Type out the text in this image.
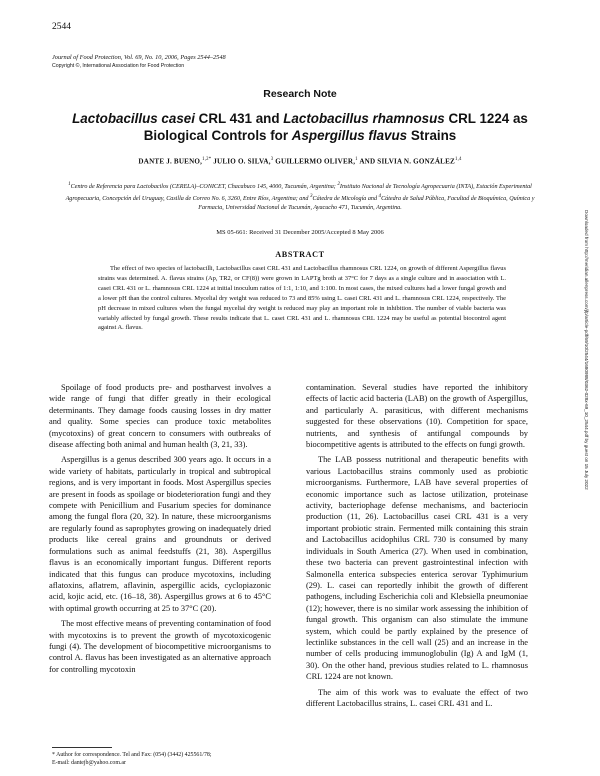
2544
Journal of Food Protection, Vol. 69, No. 10, 2006, Pages 2544–2548
Copyright ©, International Association for Food Protection
Research Note
Lactobacillus casei CRL 431 and Lactobacillus rhamnosus CRL 1224 as Biological Controls for Aspergillus flavus Strains
DANTE J. BUENO,$^{1,2*}$ JULIO O. SILVA,$^3$ GUILLERMO OLIVER,$^1$ AND SILVIA N. GONZÁLEZ$^{1,4}$
$^1$Centro de Referencia para Lactobacilos (CERELA)–CONICET, Chacabuco 145, 4000, Tucumán, Argentina; $^2$Instituto Nacional de Tecnología Agropecuaria (INTA), Estación Experimental Agropecuaria, Concepción del Uruguay, Casilla de Correo No. 6, 3260, Entre Ríos, Argentina; and $^3$Cátedra de Micología and $^4$Cátedra de Salud Pública, Facultad de Bioquímica, Química y Farmacia, Universidad Nacional de Tucumán, Ayacucho 471, Tucumán, Argentina.
MS 05-661: Received 31 December 2005/Accepted 8 May 2006
ABSTRACT
The effect of two species of lactobacilli, Lactobacillus casei CRL 431 and Lactobacillus rhamnosus CRL 1224, on growth of different Aspergillus flavus strains was determined. A. flavus strains (Ap, TR2, or CF(8)) were grown in LAPTg broth at 37°C for 7 days as a single culture and in association with L. casei CRL 431 or L. rhamnosus CRL 1224 at initial inoculum ratios of 1:1, 1:10, and 1:100. In most cases, the mixed cultures had a lower fungal growth and a lower pH than the control cultures. Mycelial dry weight was reduced to 73 and 85% using L. casei CRL 431 and L. rhamnosus CRL 1224, respectively. The pH decrease in mixed cultures when the fungal mycelial dry weight is reduced may play an important role in inhibition. The number of viable bacteria was variably affected by fungal growth. These results indicate that L. casei CRL 431 and L. rhamnosus CRL 1224 may be useful as potential biocontrol agent against A. flavus.

Spoilage of food products pre- and postharvest involves a wide range of fungi that differ greatly in their ecological determinants. They damage foods causing losses in dry matter and quality. Some species can produce toxic metabolites (mycotoxins) of great concern to consumers with outbreaks of disease affecting both animal and human health (3, 21, 33).

Aspergillus is a genus described 300 years ago. It occurs in a wide variety of habitats, particularly in tropical and subtropical regions, and is very important in foods. Most Aspergillus species are present in foods as spoilage or biodeterioration fungi and they compete with Penicillium and Fusarium species for dominance among the fungal flora (20, 32). In nature, these microorganisms are regularly found as saprophytes growing on inadequately dried products like cereal grains and groundnuts or derived formulations such as animal feedstuffs (21, 38). Aspergillus flavus is an economically important fungus. Different reports indicated that this fungus can produce mycotoxins, including aflatoxins, aflatrem, aflavinin, aspergillic acids, cyclopiazonic acid, kojic acid, etc. (16–18, 38). Aspergillus grows at 6 to 45°C with optimal growth occurring at 25 to 37°C (20).

The most effective means of preventing contamination of food with mycotoxins is to prevent the growth of mycotoxicogenic fungi (4). The development of biocompetitive microorganisms to control A. flavus has been investigated as an alternative approach for controlling mycotoxin

contamination. Several studies have reported the inhibitory effects of lactic acid bacteria (LAB) on the growth of Aspergillus, and particularly A. parasiticus, with different mechanisms suggested for these observations (10). Competition for space, nutrients, and synthesis of antifungal compounds by biocompetitive agents is attributed to the effects on fungi growth.

The LAB possess nutritional and therapeutic benefits with various Lactobacillus strains commonly used as probiotic microorganisms. Furthermore, LAB have several properties of economic importance such as lactose utilization, proteinase activity, bacteriophage defense mechanisms, and bacteriocin production (11, 26). Lactobacillus casei CRL 431 is a very important probiotic strain. Fermented milk containing this strain and Lactobacillus acidophilus CRL 730 is consumed by many individuals in South America (27). When used in combination, these two bacteria can prevent gastrointestinal infection with Salmonella enterica subspecies enterica serovar Typhimurium (29). L. casei can reportedly inhibit the growth of different pathogens, including Escherichia coli and Klebsiella pneumoniae (12); however, there is no similar work assessing the inhibition of fungal growth. This organism can also stimulate the immune system, which could be partly explained by the presence of lectinlike substances in the cell wall (25) and an increase in the number of cells producing immunoglobulin (Ig) A and IgM (1, 30). On the other hand, previous studies related to L. rhamnosus CRL 1224 are not known.

The aim of this work was to evaluate the effect of two different Lactobacillus strains, L. casei CRL 431 and L.

* Author for correspondence. Tel and Fax: (054) (3442) 425561/78;
E-mail: dantejb@yahoo.com.ar
Downloaded from http://meridian.allenpress.com/jfp/article-pdf/69/10/2544/1680988/0362-028x-69_10_2544.pdf by guest on 15 July 2022
